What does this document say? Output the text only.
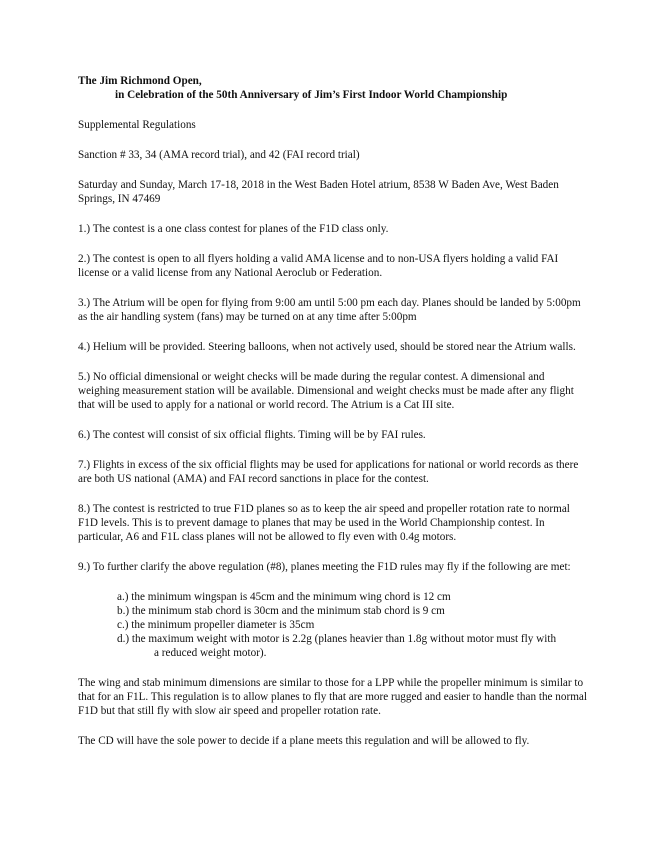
The Jim Richmond Open,

in Celebration of the 50th Anniversary of Jim’s First Indoor World Championship

Supplemental Regulations

Sanction # 33, 34 (AMA record trial), and 42 (FAI record trial)

Saturday and Sunday, March 17-18, 2018 in the West Baden Hotel atrium, 8538 W Baden Ave, West Baden Springs, IN 47469

1.) The contest is a one class contest for planes of the F1D class only.

2.) The contest is open to all flyers holding a valid AMA license and to non-USA flyers holding a valid FAI license or a valid license from any National Aeroclub or Federation.

3.) The Atrium will be open for flying from 9:00 am until 5:00 pm each day. Planes should be landed by 5:00pm as the air handling system (fans) may be turned on at any time after 5:00pm

4.) Helium will be provided. Steering balloons, when not actively used, should be stored near the Atrium walls.

5.) No official dimensional or weight checks will be made during the regular contest. A dimensional and weighing measurement station will be available. Dimensional and weight checks must be made after any flight that will be used to apply for a national or world record. The Atrium is a Cat III site.

6.) The contest will consist of six official flights. Timing will be by FAI rules.

7.) Flights in excess of the six official flights may be used for applications for national or world records as there are both US national (AMA) and FAI record sanctions in place for the contest.

8.) The contest is restricted to true F1D planes so as to keep the air speed and propeller rotation rate to normal F1D levels. This is to prevent damage to planes that may be used in the World Championship contest. In particular, A6 and F1L class planes will not be allowed to fly even with 0.4g motors.

9.) To further clarify the above regulation (#8), planes meeting the F1D rules may fly if the following are met:

a.) the minimum wingspan is 45cm and the minimum wing chord is 12 cm
b.) the minimum stab chord is 30cm and the minimum stab chord is 9 cm
c.) the minimum propeller diameter is 35cm
d.) the maximum weight with motor is 2.2g (planes heavier than 1.8g without motor must fly with
a reduced weight motor).

The wing and stab minimum dimensions are similar to those for a LPP while the propeller minimum is similar to that for an F1L. This regulation is to allow planes to fly that are more rugged and easier to handle than the normal F1D but that still fly with slow air speed and propeller rotation rate.

The CD will have the sole power to decide if a plane meets this regulation and will be allowed to fly.
